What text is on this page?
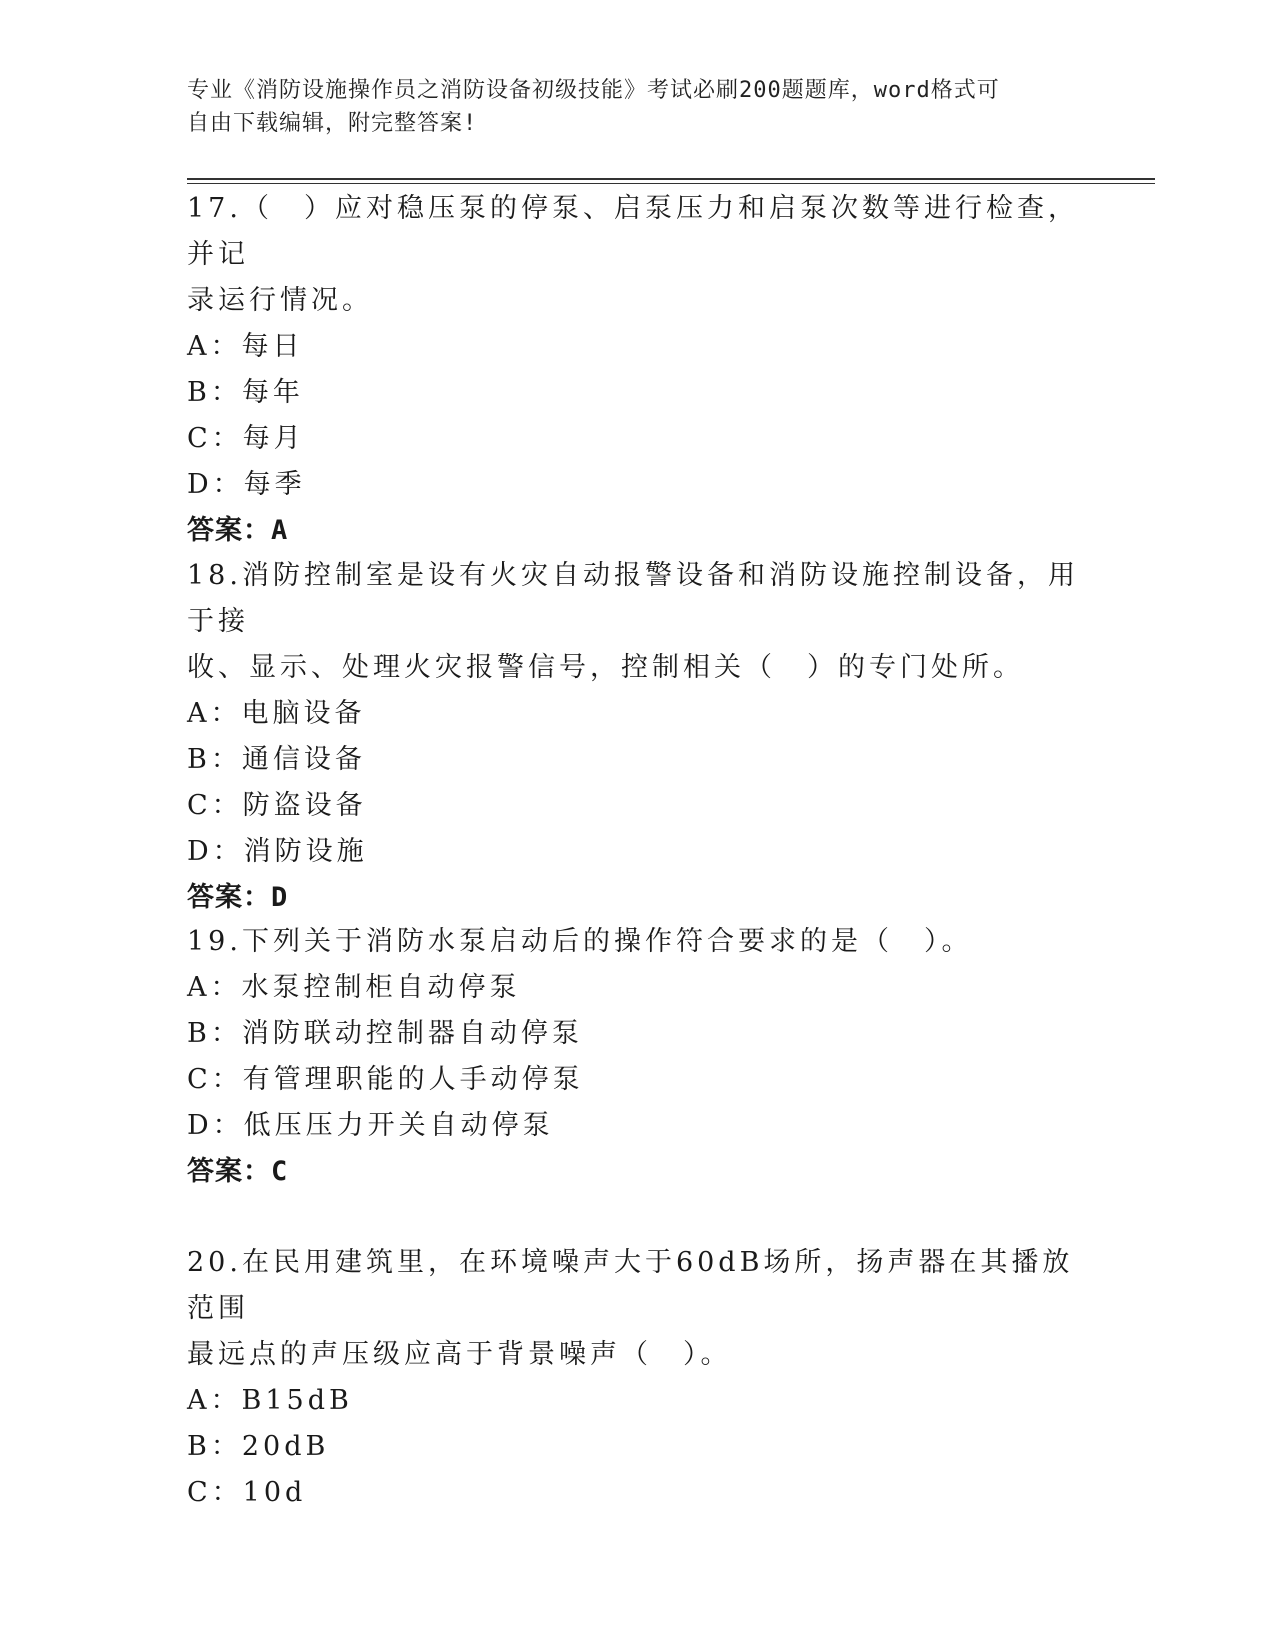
专业《消防设施操作员之消防设备初级技能》考试必刷200题题库，word格式可
自由下载编辑，附完整答案!

17.（　）应对稳压泵的停泵、启泵压力和启泵次数等进行检查，并记

录运行情况。

A：每日

B：每年

C：每月

D：每季

答案：A

18.消防控制室是设有火灾自动报警设备和消防设施控制设备，用于接

收、显示、处理火灾报警信号，控制相关（　）的专门处所。

A：电脑设备

B：通信设备

C：防盗设备

D：消防设施

答案：D

19.下列关于消防水泵启动后的操作符合要求的是（　）。

A：水泵控制柜自动停泵

B：消防联动控制器自动停泵

C：有管理职能的人手动停泵

D：低压压力开关自动停泵

答案：C

20.在民用建筑里，在环境噪声大于60dB场所，扬声器在其播放范围

最远点的声压级应高于背景噪声（　）。

A：B15dB

B：20dB

C：10d
